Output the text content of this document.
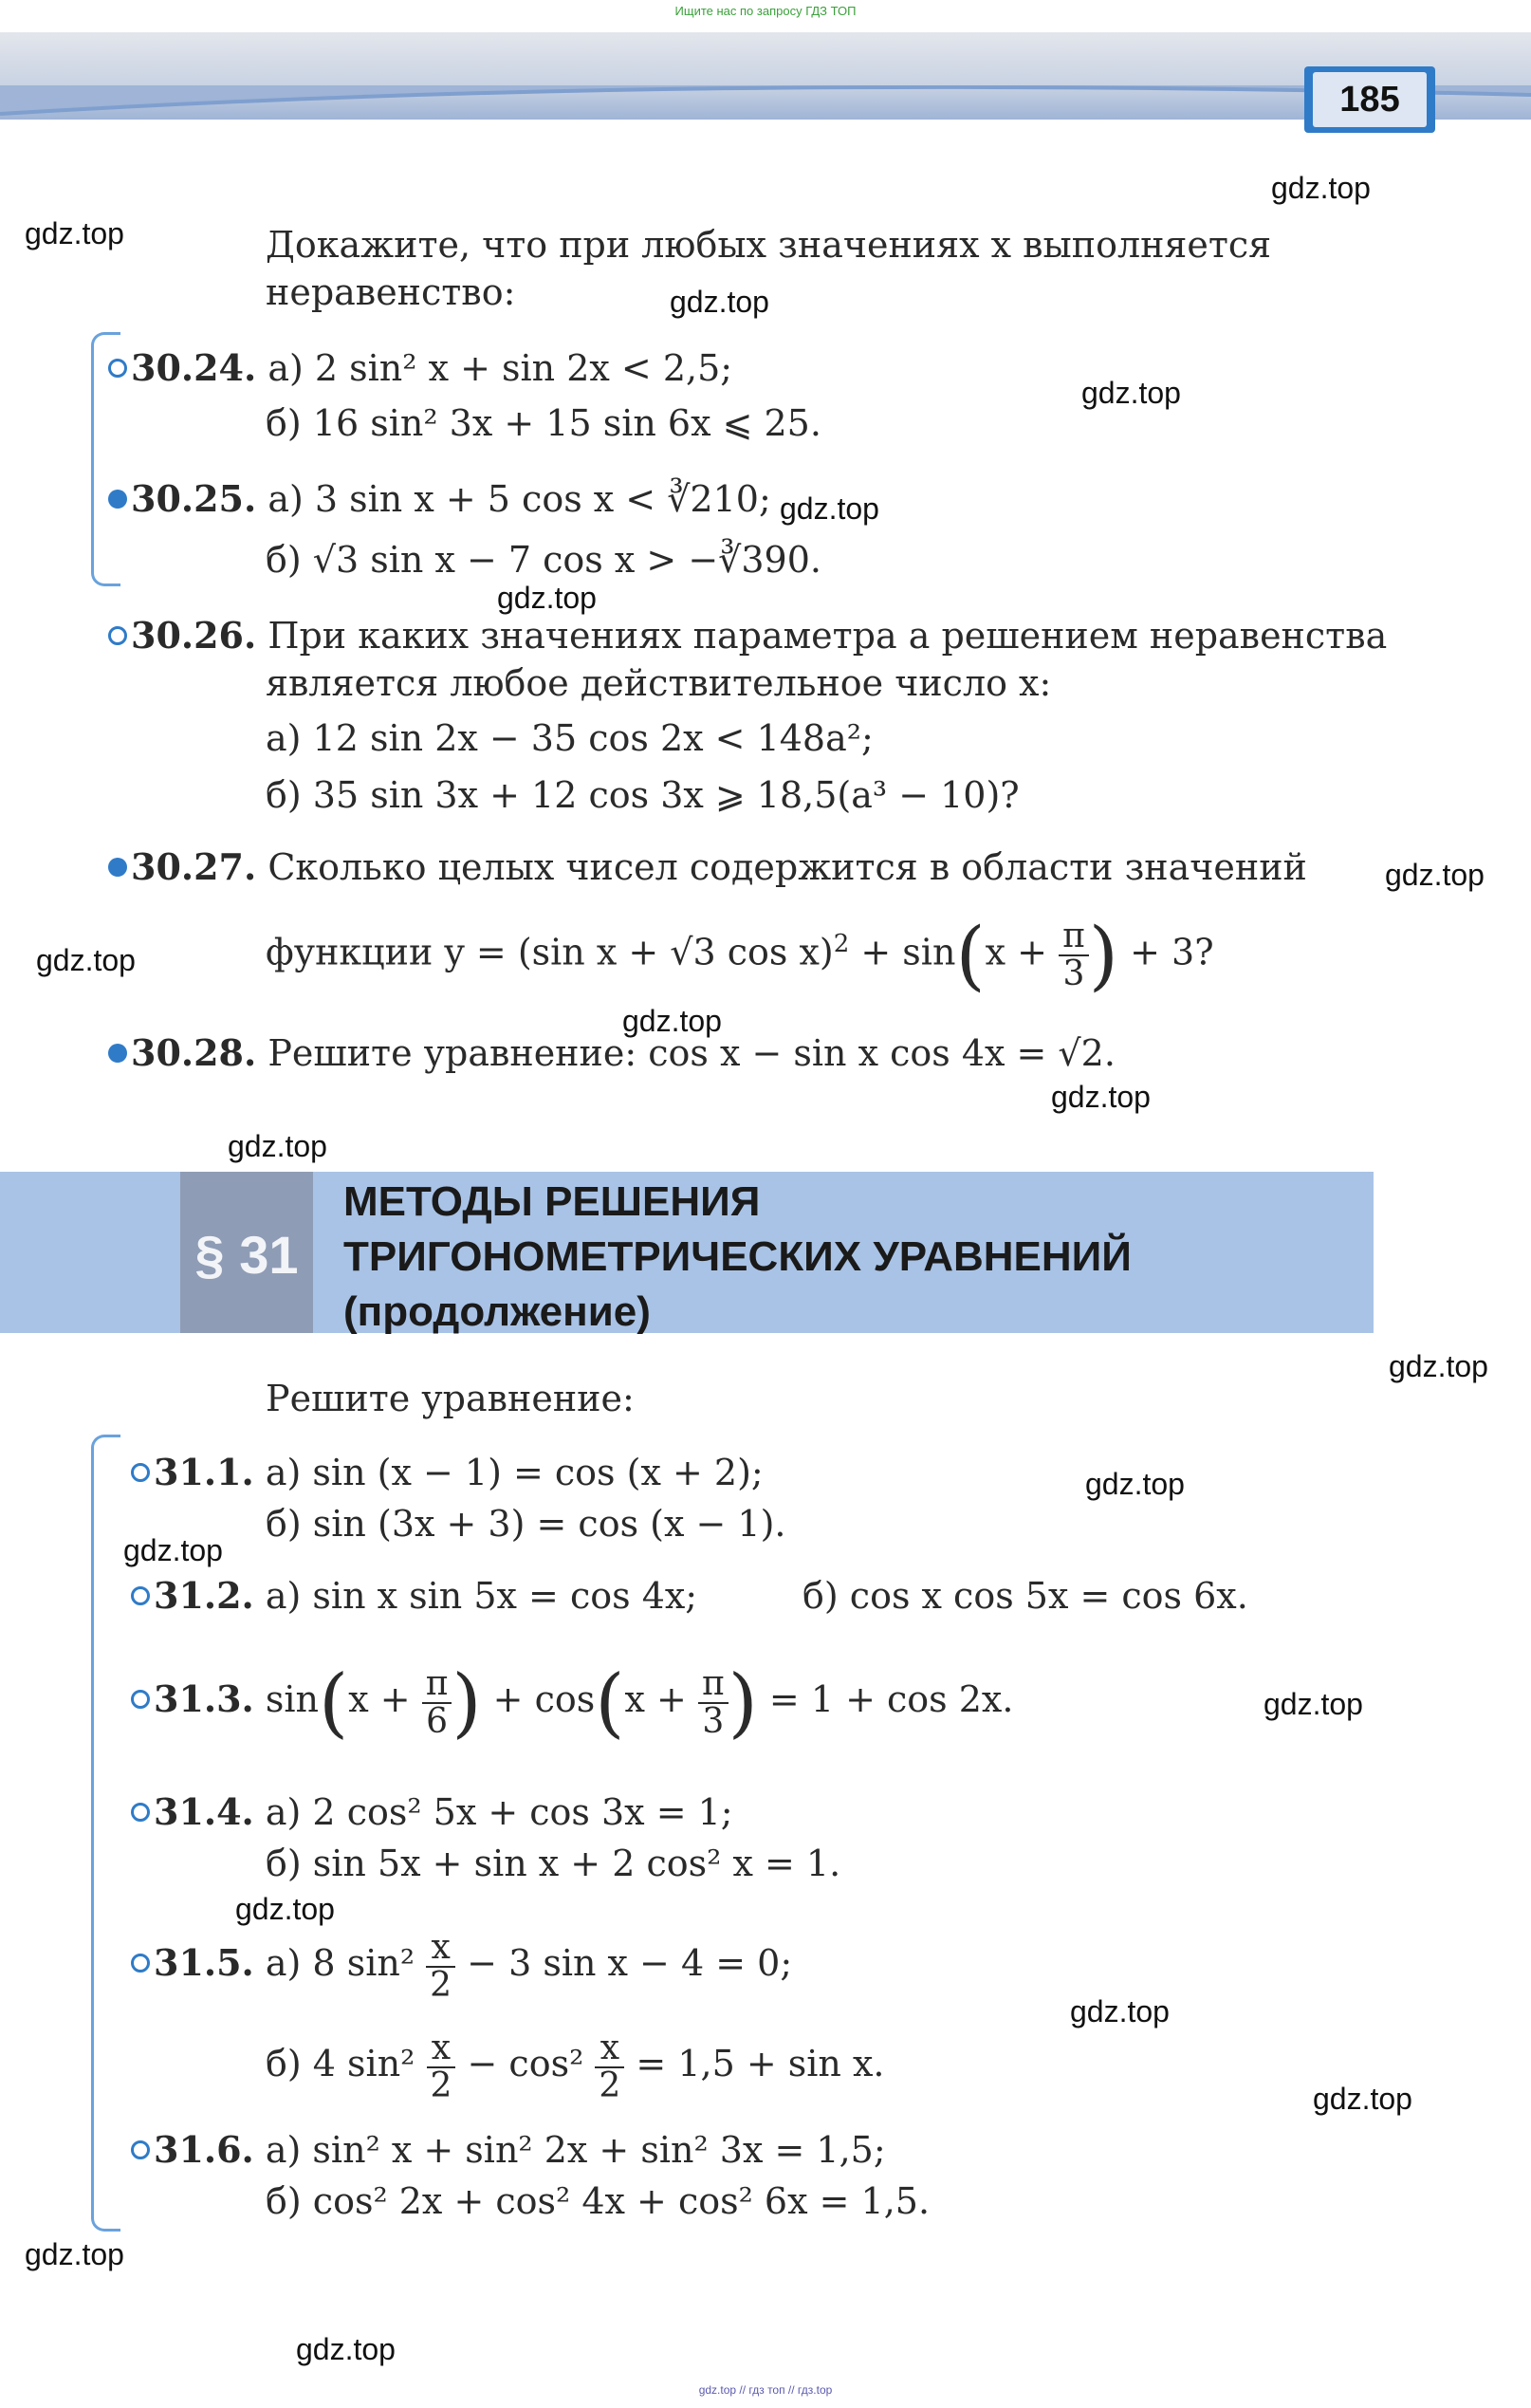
Ищите нас по запросу ГДЗ ТОП
185
gdz.top
gdz.top
gdz.top
gdz.top
gdz.top
gdz.top
gdz.top
gdz.top
gdz.top
gdz.top
gdz.top
gdz.top
gdz.top
gdz.top
gdz.top
gdz.top
gdz.top
gdz.top
gdz.top
gdz.top
Докажите, что при любых значениях x выполняется
неравенство:
30.24. а) 2 sin² x + sin 2x < 2,5;
б) 16 sin² 3x + 15 sin 6x ⩽ 25.
30.25. а) 3 sin x + 5 cos x < ∛210;
б) √3 sin x − 7 cos x > −∛390.
30.26. При каких значениях параметра a решением неравенства
является любое действительное число x:
а) 12 sin 2x − 35 cos 2x < 148a²;
б) 35 sin 3x + 12 cos 3x ⩾ 18,5(a³ − 10)?
30.27. Сколько целых чисел содержится в области значений
функции y = (sin x + √3 $\cos x)^2 + \sin(x + \frac{\pi}{3}$ ) + 3?
30.28. Решите уравнение: cos x − sin x cos 4x = √2.
§ 31
МЕТОДЫ РЕШЕНИЯ
ТРИГОНОМЕТРИЧЕСКИХ УРАВНЕНИЙ
(продолжение)
Решите уравнение:
31.1. а) sin (x − 1) = cos (x + 2);
б) sin (3x + 3) = cos (x − 1).
31.2. а) sin x sin 5x = cos 4x;	б) cos x cos 5x = cos 6x.
31.3. $\sin(x + \frac{\pi}{6}$ ) + $\cos(x + \frac{\pi}{3}$ ) = 1 + cos 2x.
31.4. а) 2 cos² 5x + cos 3x = 1;
б) sin 5x + sin x + 2 cos² x = 1.
31.5. а) 8 $\sin^2 \frac{x}{2} - 3$ sin x − 4 = 0;
б) 4 $\sin^2 \frac{x}{2} - \cos^2 \frac{x}{2} = 1,5 + \sin x$.
31.6. а) sin² x + sin² 2x + sin² 3x = 1,5;
б) cos² 2x + cos² 4x + cos² 6x = 1,5.
gdz.top // гдз топ // гдз.top
